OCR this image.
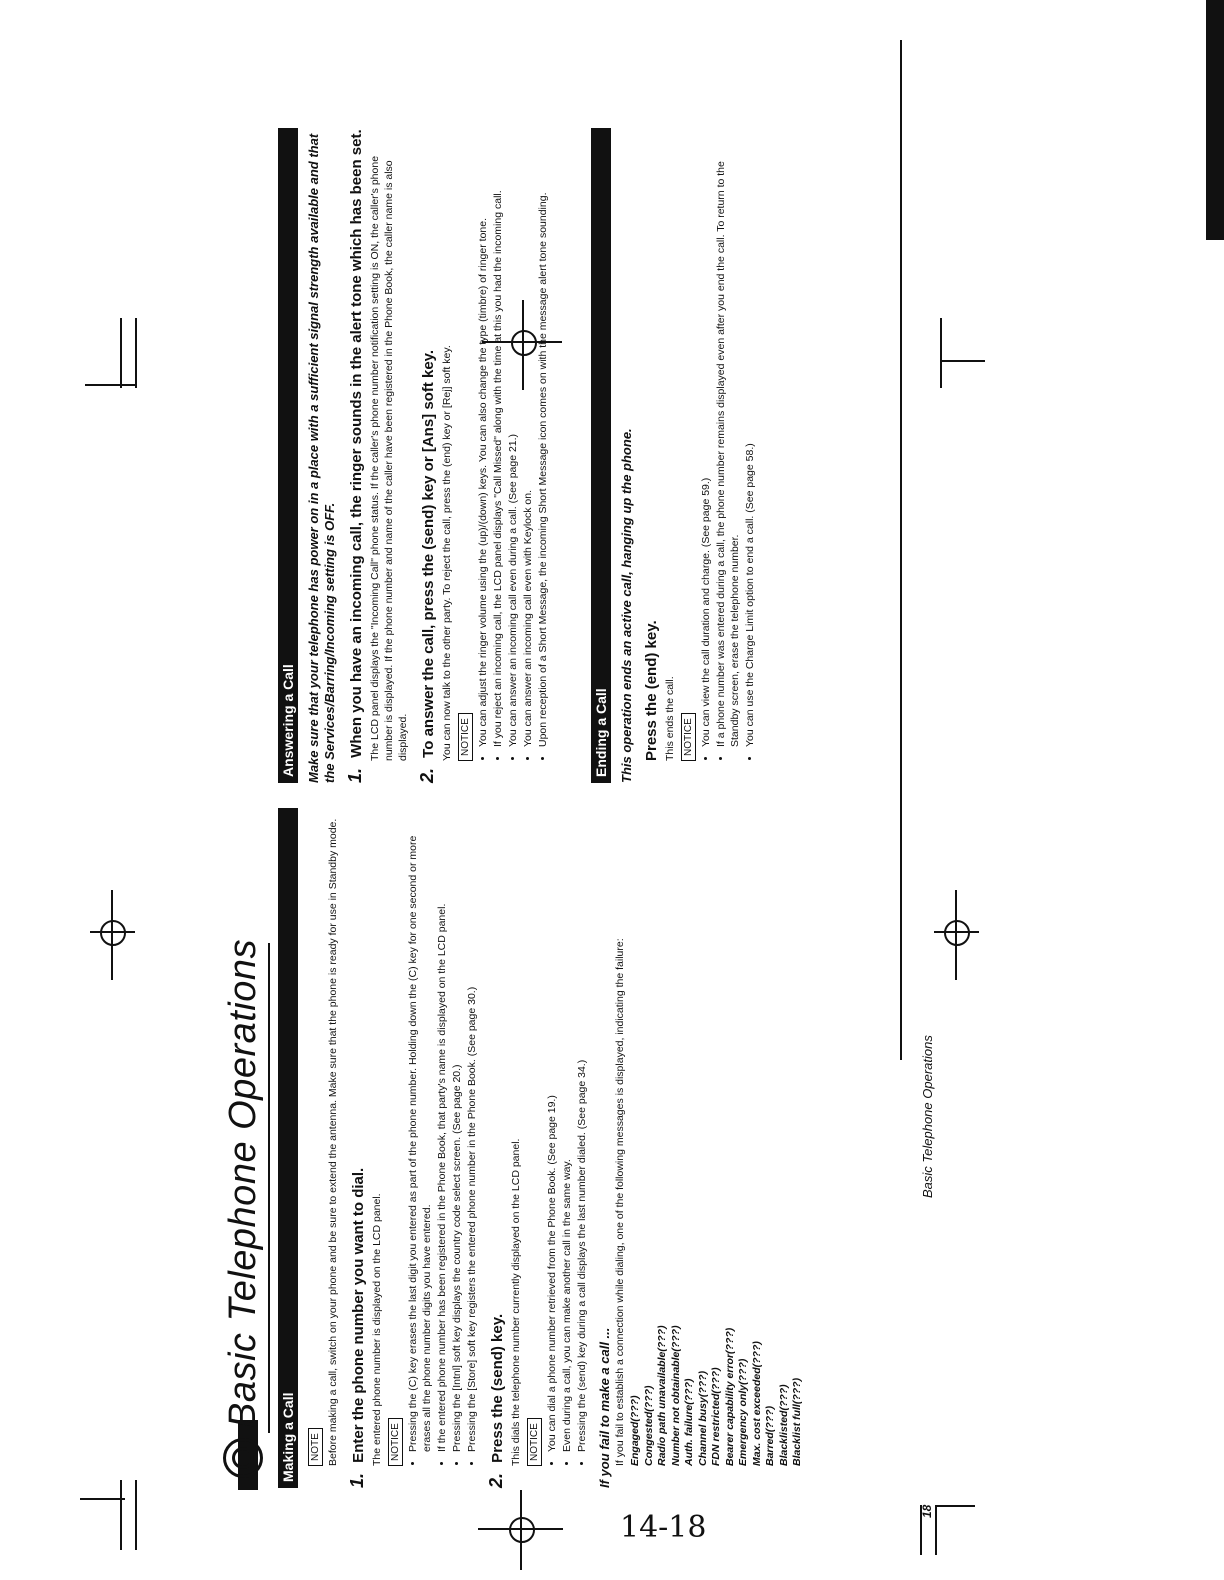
14-18
Basic Telephone Operations
Making a Call	NOTE Before making a call, switch on your phone and be sure to extend the antenna. Make sure that the phone is ready for use in Standby mode.
1. Enter the phone number you want to dial. The entered phone number is displayed on the LCD panel. NOTICE • Pressing the (C) key erases the last digit you entered as part of the phone number. Holding down the (C) key for one second or more erases all the phone number digits you have entered. • If the entered phone number has been registered in the Phone Book, that party's name is displayed on the LCD panel. • Pressing the [Intnl] soft key displays the country code select screen. (See page 20.) • Pressing the [Store] soft key registers the entered phone number in the Phone Book. (See page 30.)
2. Press the (send) key. This dials the telephone number currently displayed on the LCD panel. NOTICE • You can dial a phone number retrieved from the Phone Book. (See page 19.) • Even during a call, you can make another call in the same way. • Pressing the (send) key during a call displays the last number dialed. (See page 34.) If you fail to make a call ... If you fail to establish a connection while dialing, one of the following messages is displayed, indicating the failure: Engaged(???) Congested(???) Radio path unavailable(???) Number not obtainable(???) Auth. failure(???) Channel busy(???) FDN restricted(???) Bearer capability error(???) Emergency only(???) Max. cost exceeded(???) Barred(???) Blacklisted(???) Blacklist full(???)
Answering a Call Make sure that your telephone has power on in a place with a sufficient signal strength available and that the Services/Barring/Incoming setting is OFF. 1. When you have an incoming call, the ringer sounds in the alert tone which has been set. The LCD panel displays the "Incoming Call" phone status. If the caller's phone number notification setting is ON, the caller's phone number is displayed. If the phone number and name of the caller have been registered in the Phone Book, the caller name is also displayed.
2. To answer the call, press the (send) key or [Ans] soft key. You can now talk to the other party. To reject the call, press the (end) key or [Rej] soft key. NOTICE • You can adjust the ringer volume using the (up)/(down) keys. You can also change the type (timbre) of ringer tone. • If you reject an incoming call, the LCD panel displays "Call Missed" along with the time at this you had the incoming call. • You can answer an incoming call even during a call. (See page 21.) • You can answer an incoming call even with Keylock on. • Upon reception of a Short Message, the incoming Short Message icon comes on with the message alert tone sounding.	Ending a Call This operation ends an active call, hanging up the phone. Press the (end) key. This ends the call. NOTICE • You can view the call duration and charge. (See page 59.) • If a phone number was entered during a call, the phone number remains displayed even after you end the call. To return to the Standby screen, erase the telephone number. • You can use the Charge Limit option to end a call. (See page 58.)
18
Basic Telephone Operations
